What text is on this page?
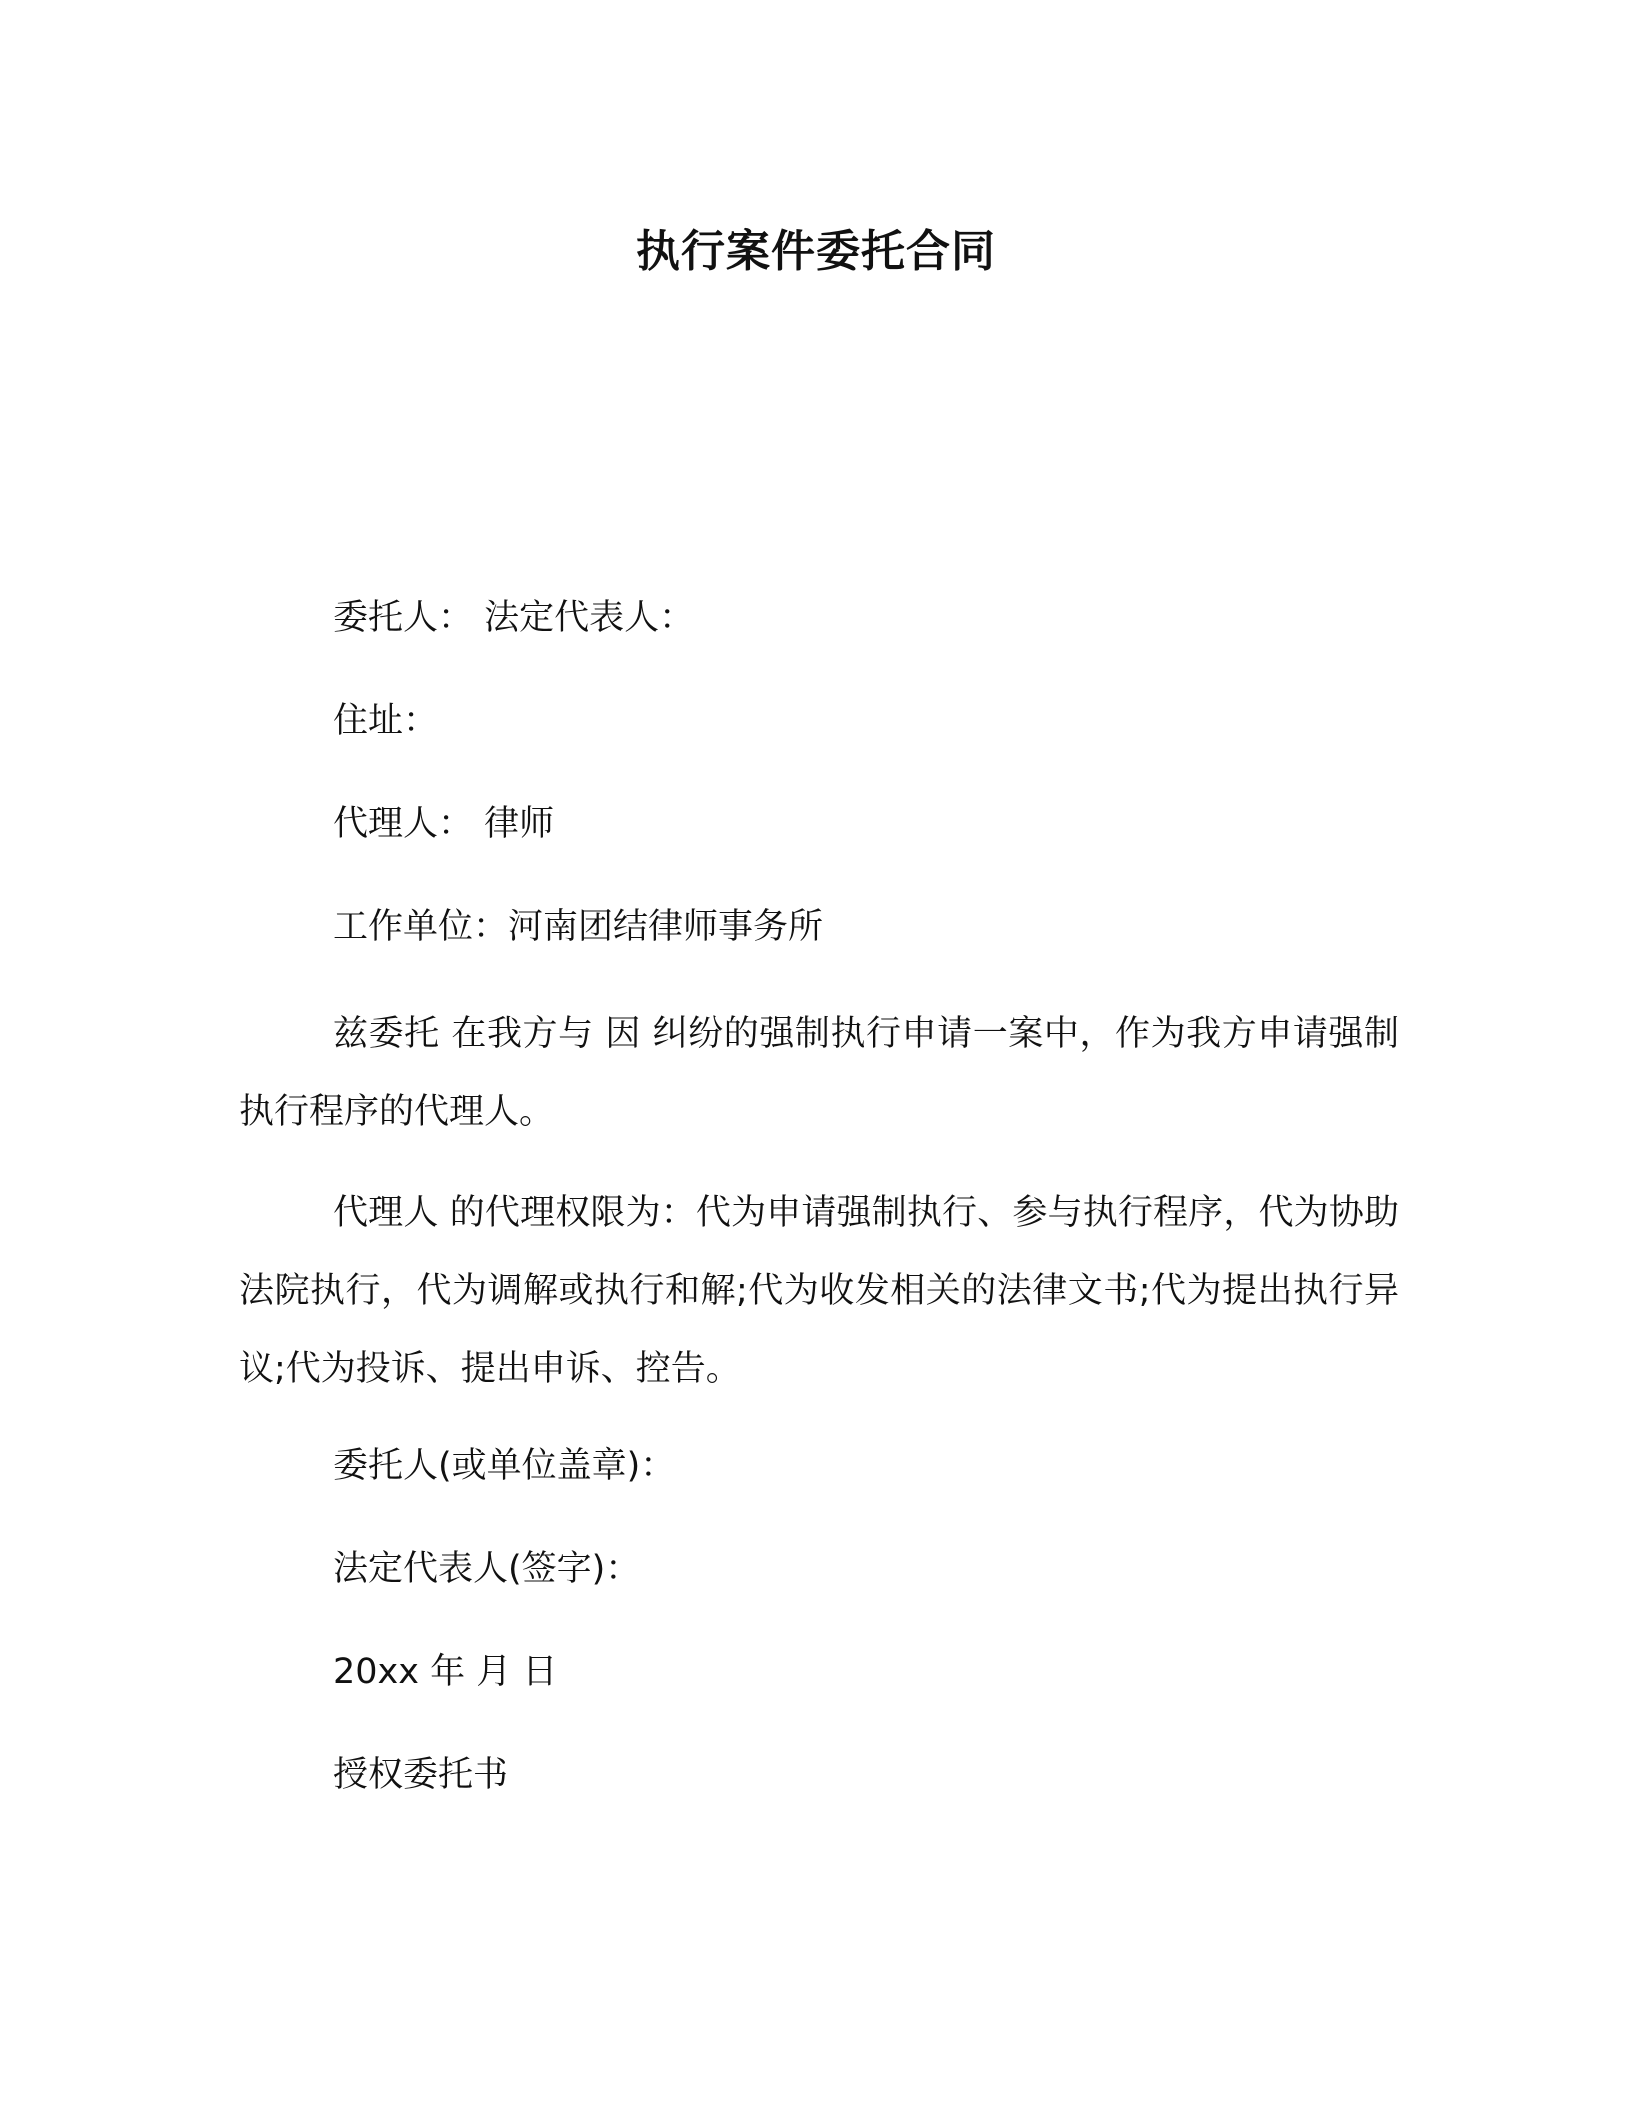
执行案件委托合同
委托人： 法定代表人：
住址：
代理人： 律师
工作单位：河南团结律师事务所
兹委托 在我方与 因 纠纷的强制执行申请一案中，作为我方申请强制执行程序的代理人。
代理人 的代理权限为：代为申请强制执行、参与执行程序，代为协助法院执行，代为调解或执行和解;代为收发相关的法律文书;代为提出执行异议;代为投诉、提出申诉、控告。
委托人(或单位盖章)：
法定代表人(签字)：
20xx 年 月 日
授权委托书
